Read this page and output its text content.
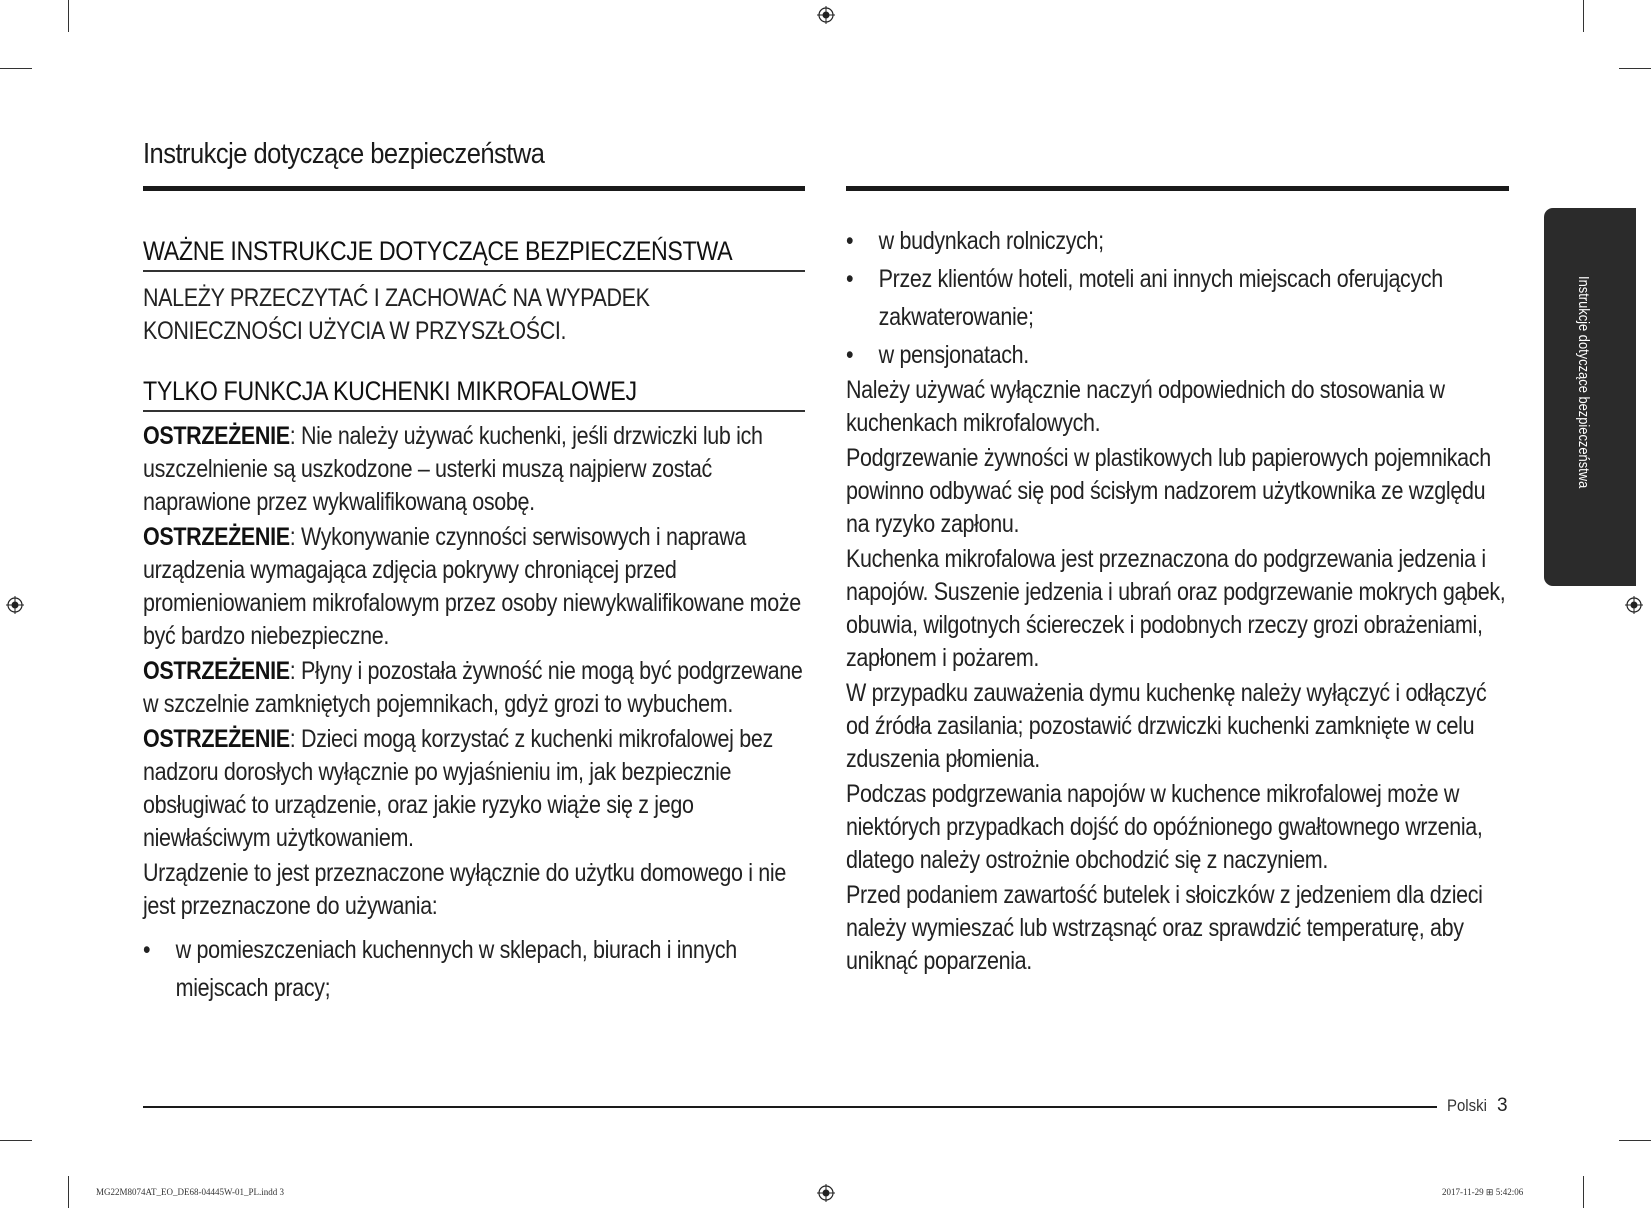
Instrukcje dotyczące bezpieczeństwa
Instrukcje dotyczące bezpieczeństwa
WAŻNE INSTRUKCJE DOTYCZĄCE BEZPIECZEŃSTWA
NALEŻY PRZECZYTAĆ I ZACHOWAĆ NA WYPADEK
KONIECZNOŚCI UŻYCIA W PRZYSZŁOŚCI.
TYLKO FUNKCJA KUCHENKI MIKROFALOWEJ

OSTRZEŻENIE: Nie należy używać kuchenki, jeśli drzwiczki lub ich uszczelnienie są uszkodzone – usterki muszą najpierw zostać naprawione przez wykwalifikowaną osobę.

OSTRZEŻENIE: Wykonywanie czynności serwisowych i naprawa urządzenia wymagająca zdjęcia pokrywy chroniącej przed promieniowaniem mikrofalowym przez osoby niewykwalifikowane może być bardzo niebezpieczne.

OSTRZEŻENIE: Płyny i pozostała żywność nie mogą być podgrzewane w szczelnie zamkniętych pojemnikach, gdyż grozi to wybuchem.

OSTRZEŻENIE: Dzieci mogą korzystać z kuchenki mikrofalowej bez nadzoru dorosłych wyłącznie po wyjaśnieniu im, jak bezpiecznie obsługiwać to urządzenie, oraz jakie ryzyko wiąże się z jego niewłaściwym użytkowaniem.

Urządzenie to jest przeznaczone wyłącznie do użytku domowego i nie jest przeznaczone do używania:

• w pomieszczeniach kuchennych w sklepach, biurach i innych miejscach pracy;
• w budynkach rolniczych;
• Przez klientów hoteli, moteli ani innych miejscach oferujących zakwaterowanie;
• w pensjonatach.

Należy używać wyłącznie naczyń odpowiednich do stosowania w kuchenkach mikrofalowych.

Podgrzewanie żywności w plastikowych lub papierowych pojemnikach powinno odbywać się pod ścisłym nadzorem użytkownika ze względu na ryzyko zapłonu.

Kuchenka mikrofalowa jest przeznaczona do podgrzewania jedzenia i napojów. Suszenie jedzenia i ubrań oraz podgrzewanie mokrych gąbek, obuwia, wilgotnych ściereczek i podobnych rzeczy grozi obrażeniami, zapłonem i pożarem.

W przypadku zauważenia dymu kuchenkę należy wyłączyć i odłączyć od źródła zasilania; pozostawić drzwiczki kuchenki zamknięte w celu zduszenia płomienia.

Podczas podgrzewania napojów w kuchence mikrofalowej może w niektórych przypadkach dojść do opóźnionego gwałtownego wrzenia, dlatego należy ostrożnie obchodzić się z naczyniem.

Przed podaniem zawartość butelek i słoiczków z jedzeniem dla dzieci należy wymieszać lub wstrząsnąć oraz sprawdzić temperaturę, aby uniknąć poparzenia.

Polski 3
MG22M8074AT_EO_DE68-04445W-01_PL.indd 3	2017-11-29 ⊞ 5:42:06
